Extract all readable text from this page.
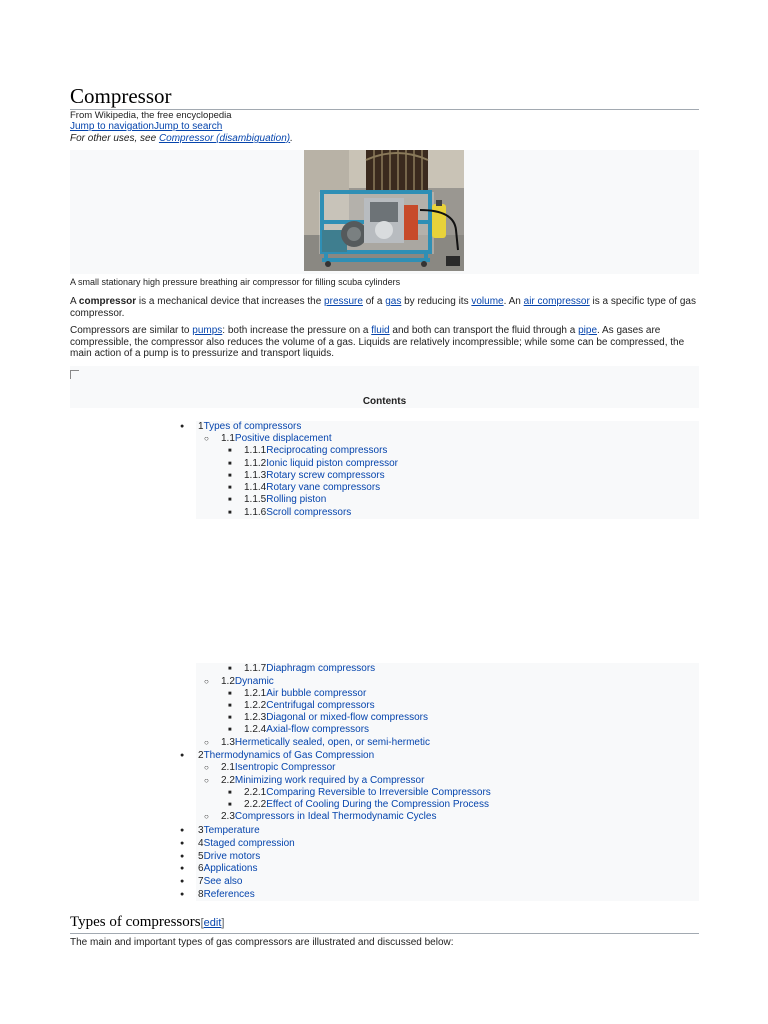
Compressor
From Wikipedia, the free encyclopedia
Jump to navigationJump to search
For other uses, see Compressor (disambiguation).
A small stationary high pressure breathing air compressor for filling scuba cylinders

A compressor is a mechanical device that increases the pressure of a gas by reducing its volume. An air compressor is a specific type of gas compressor.

Compressors are similar to pumps: both increase the pressure on a fluid and both can transport the fluid through a pipe. As gases are compressible, the compressor also reduces the volume of a gas. Liquids are relatively incompressible; while some can be compressed, the main action of a pump is to pressurize and transport liquids.

Contents
● 1Types of compressors
○ 1.1Positive displacement
■ 1.1.1Reciprocating compressors
■ 1.1.2Ionic liquid piston compressor
■ 1.1.3Rotary screw compressors
■ 1.1.4Rotary vane compressors
■ 1.1.5Rolling piston
■ 1.1.6Scroll compressors
■ 1.1.7Diaphragm compressors
○ 1.2Dynamic
■ 1.2.1Air bubble compressor
■ 1.2.2Centrifugal compressors
■ 1.2.3Diagonal or mixed-flow compressors
■ 1.2.4Axial-flow compressors
○ 1.3Hermetically sealed, open, or semi-hermetic
● 2Thermodynamics of Gas Compression
○ 2.1Isentropic Compressor
○ 2.2Minimizing work required by a Compressor
■ 2.2.1Comparing Reversible to Irreversible Compressors
■ 2.2.2Effect of Cooling During the Compression Process
○ 2.3Compressors in Ideal Thermodynamic Cycles
● 3Temperature
● 4Staged compression
● 5Drive motors
● 6Applications
● 7See also
● 8References
Types of compressors[edit]
The main and important types of gas compressors are illustrated and discussed below:
